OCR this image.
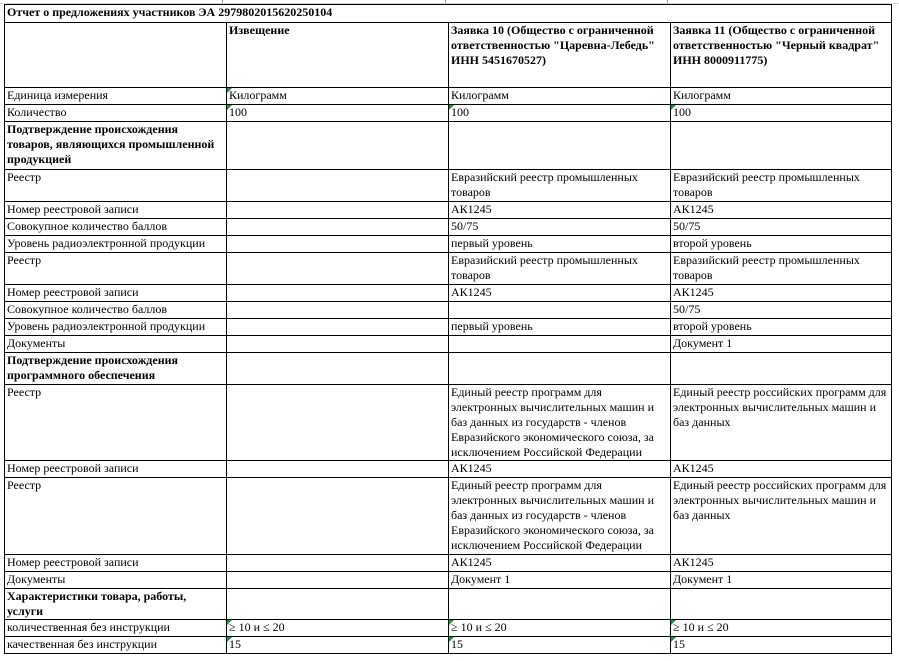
Отчет о предложениях участников ЭА 2979802015620250104			
	Извещение	Заявка 10 (Общество с ограниченной ответственностью "Царевна-Лебедь" ИНН 5451670527)	Заявка 11 (Общество с ограниченной ответственностью "Черный квадрат" ИНН 8000911775)
Единица измерения	Килограмм	Килограмм	Килограмм
Количество	100	100	100
Подтверждение происхождения товаров, являющихся промышленной продукцией			
Реестр		Евразийский реестр промышленных товаров	Евразийский реестр промышленных товаров
Номер реестровой записи		АК1245	АК1245
Совокупное количество баллов		50/75	50/75
Уровень радиоэлектронной продукции		первый уровень	второй уровень
Реестр		Евразийский реестр промышленных товаров	Евразийский реестр промышленных товаров
Номер реестровой записи		АК1245	АК1245
Совокупное количество баллов			50/75
Уровень радиоэлектронной продукции		первый уровень	второй уровень
Документы			Документ 1
Подтверждение происхождения программного обеспечения			
Реестр		Единый реестр программ для электронных вычислительных машин и баз данных из государств - членов Евразийского экономического союза, за исключением Российской Федерации	Единый реестр российских программ для электронных вычислительных машин и баз данных
Номер реестровой записи		АК1245	АК1245
Реестр		Единый реестр программ для электронных вычислительных машин и баз данных из государств - членов Евразийского экономического союза, за исключением Российской Федерации	Единый реестр российских программ для электронных вычислительных машин и баз данных
Номер реестровой записи		АК1245	АК1245
Документы		Документ 1	Документ 1
Характеристики товара, работы, услуги			
количественная без инструкции	≥ 10 и ≤ 20	≥ 10 и ≤ 20	≥ 10 и ≤ 20
качественная без инструкции	15	15	15
